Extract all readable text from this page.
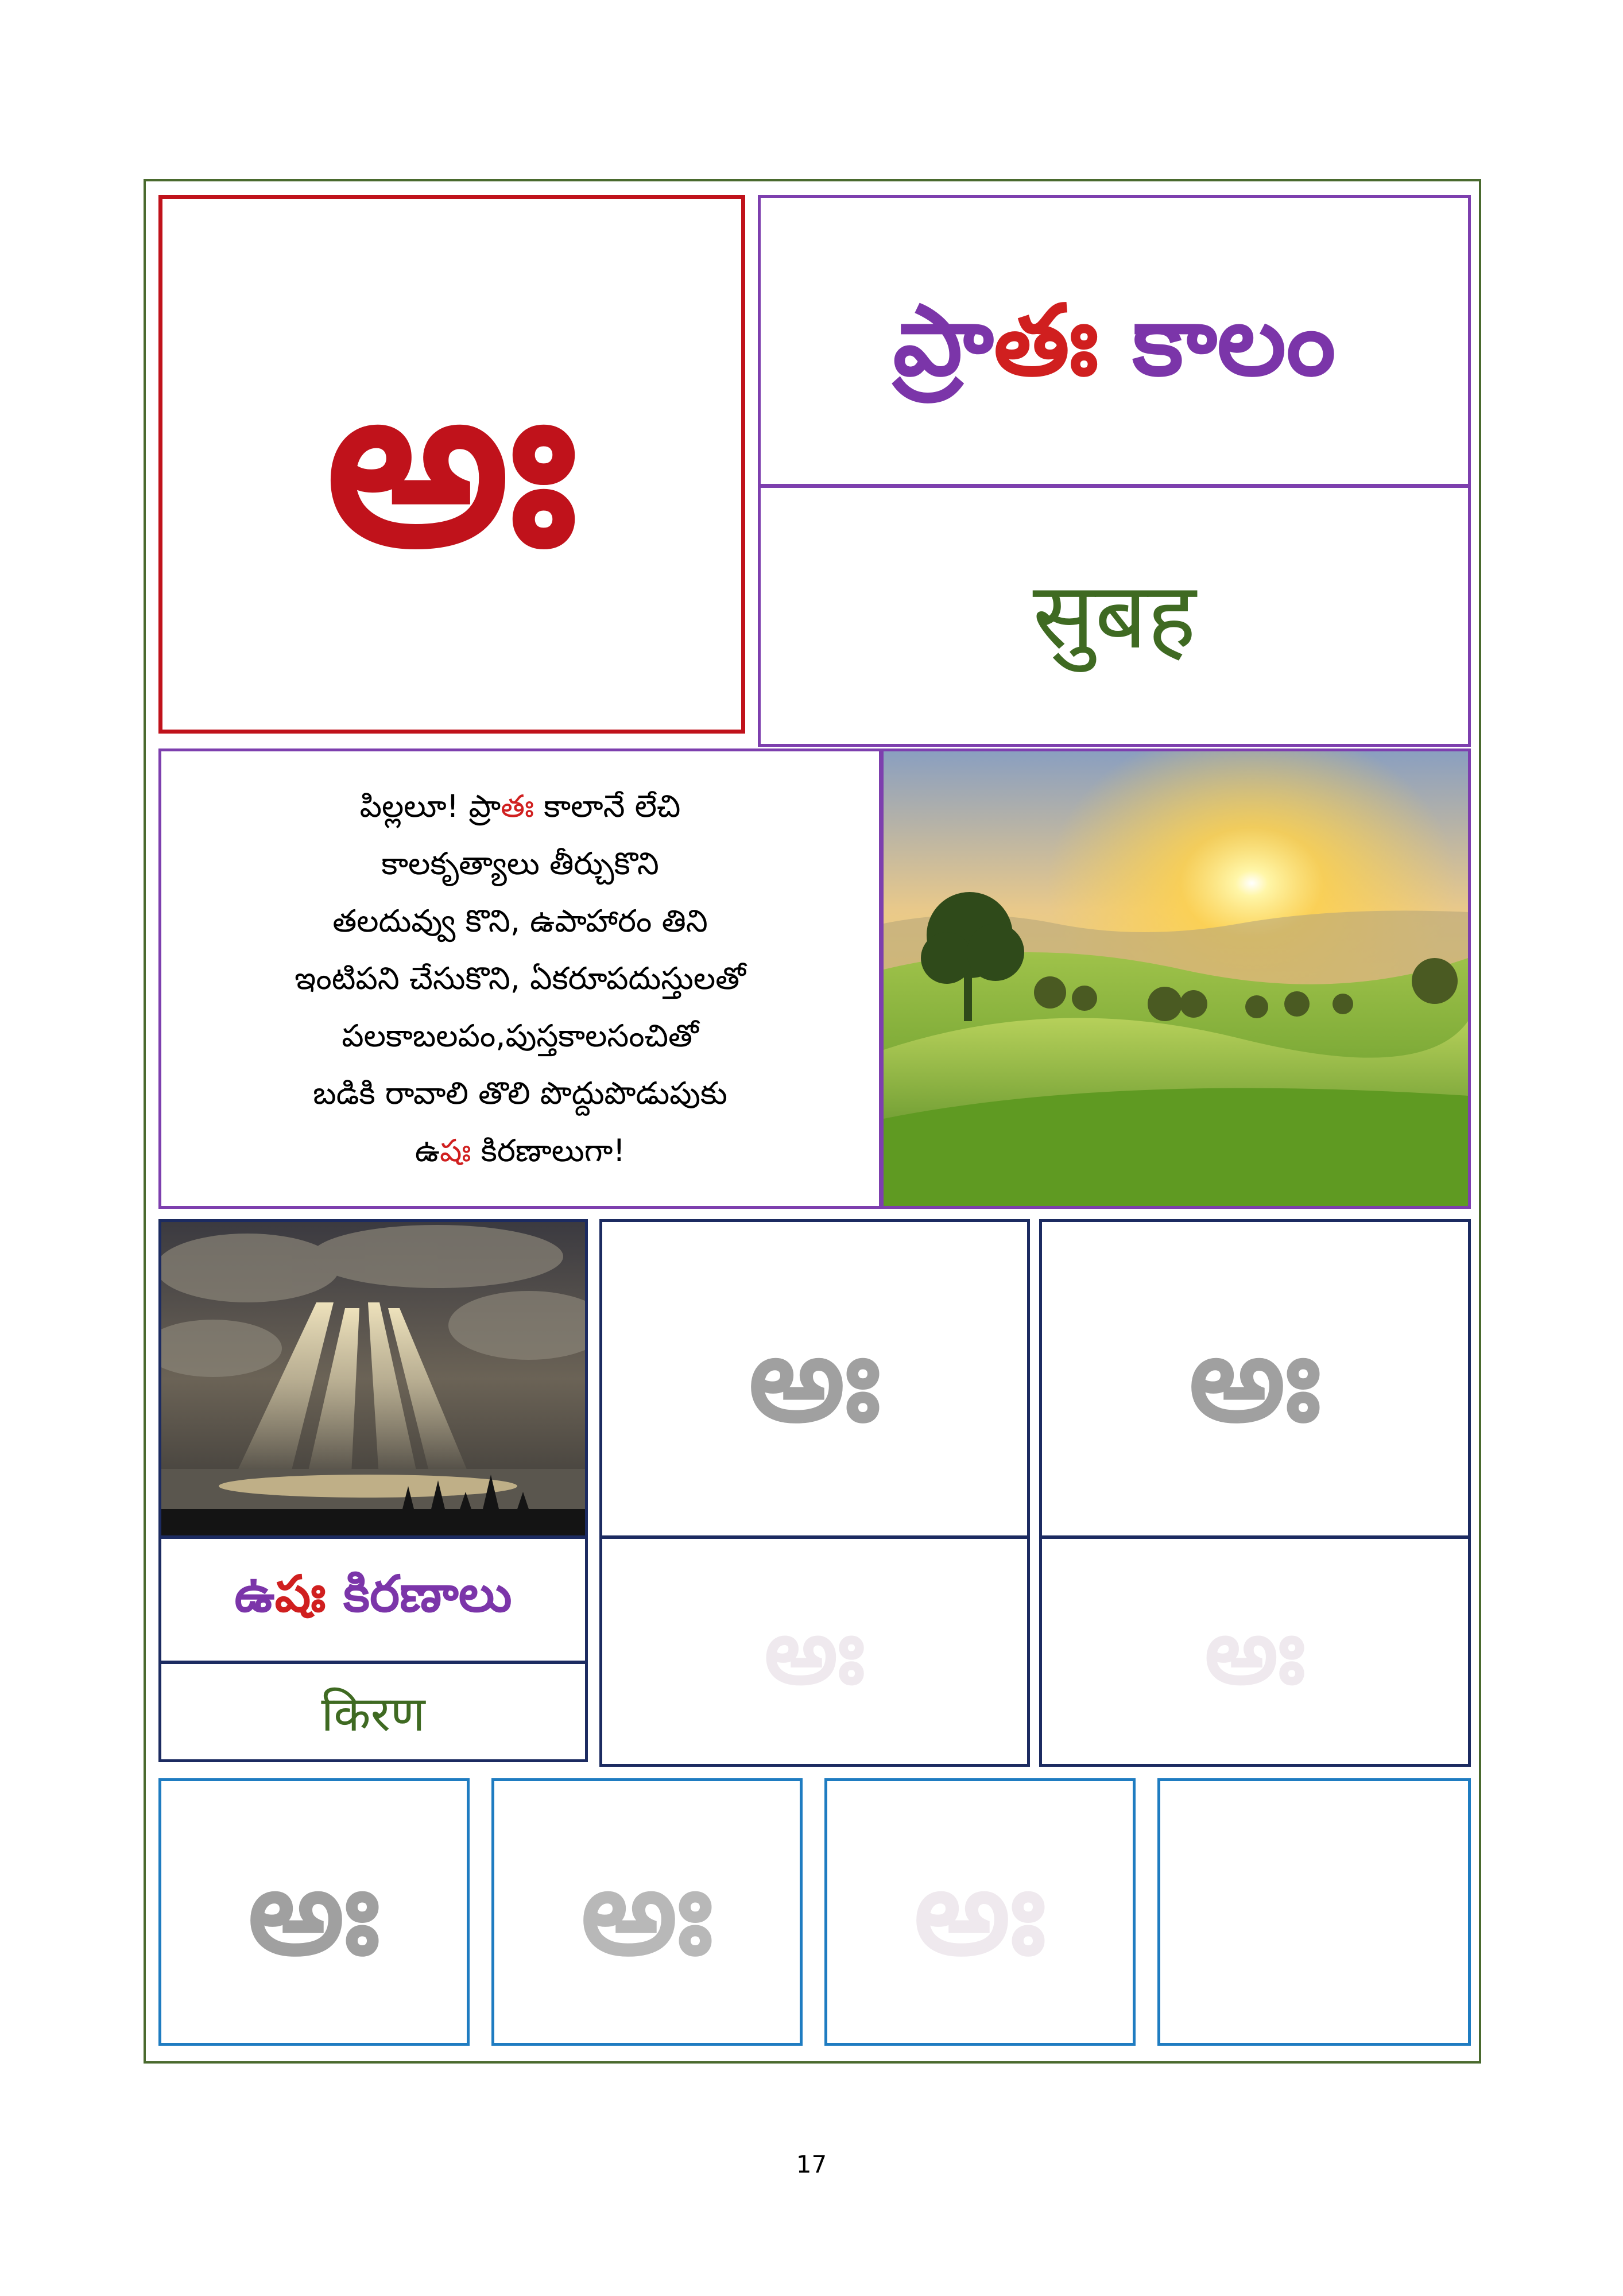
అః	ప్రాతః కాలం
सुबह
పిల్లలూ! ప్రాతః కాలానే లేచి
కాలకృత్యాలు తీర్చుకొని
తలదువ్వు కొని, ఉపాహారం తిని
ఇంటిపని చేసుకొని, ఏకరూపదుస్తులతో
పలకాబలపం,పుస్తకాలసంచితో
బడికి రావాలి తొలి పొద్దుపొడుపుకు
ఉషః కిరణాలుగా!
ఉషః కిరణాలు
किरण
అః
అః
అః
అః
అః అః అః
17
